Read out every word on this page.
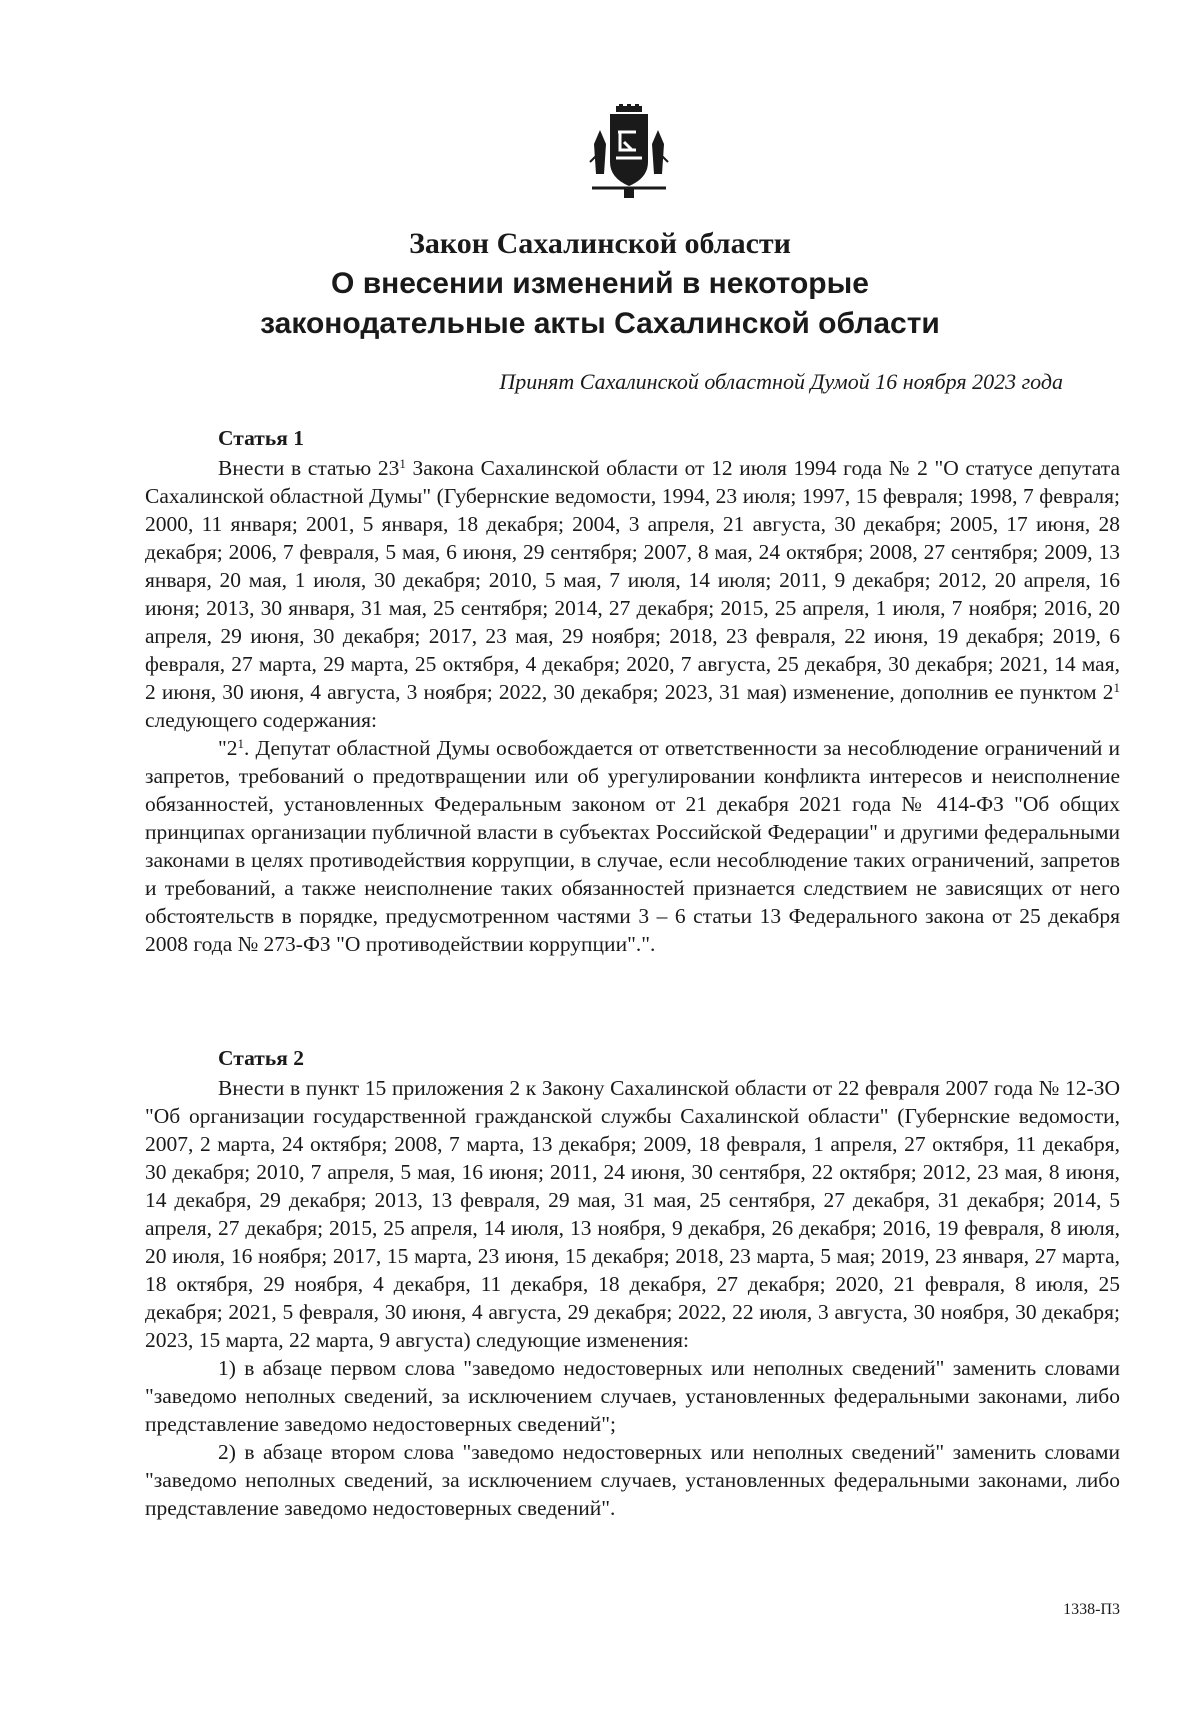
Закон Сахалинской области
О внесении изменений в некоторые
законодательные акты Сахалинской области
Принят Сахалинской областной Думой 16 ноября 2023 года
Статья 1

Внести в статью $23^1$ Закона Сахалинской области от 12 июля 1994 года № 2 "О статусе депутата Сахалинской областной Думы" (Губернские ведомости, 1994, 23 июля; 1997, 15 февраля; 1998, 7 февраля; 2000, 11 января; 2001, 5 января, 18 декабря; 2004, 3 апреля, 21 августа, 30 декабря; 2005, 17 июня, 28 декабря; 2006, 7 февраля, 5 мая, 6 июня, 29 сентября; 2007, 8 мая, 24 октября; 2008, 27 сентября; 2009, 13 января, 20 мая, 1 июля, 30 декабря; 2010, 5 мая, 7 июля, 14 июля; 2011, 9 декабря; 2012, 20 апреля, 16 июня; 2013, 30 января, 31 мая, 25 сентября; 2014, 27 декабря; 2015, 25 апреля, 1 июля, 7 ноября; 2016, 20 апреля, 29 июня, 30 декабря; 2017, 23 мая, 29 ноября; 2018, 23 февраля, 22 июня, 19 декабря; 2019, 6 февраля, 27 марта, 29 марта, 25 октября, 4 декабря; 2020, 7 августа, 25 декабря, 30 декабря; 2021, 14 мая, 2 июня, 30 июня, 4 августа, 3 ноября; 2022, 30 декабря; 2023, 31 мая) изменение, дополнив ее пунктом $2^1$ следующего содержания:

"$2^1$. Депутат областной Думы освобождается от ответственности за несоблюдение ограничений и запретов, требований о предотвращении или об урегулировании конфликта интересов и неисполнение обязанностей, установленных Федеральным законом от 21 декабря 2021 года № 414-ФЗ "Об общих принципах организации публичной власти в субъектах Российской Федерации" и другими федеральными законами в целях противодействия коррупции, в случае, если несоблюдение таких ограничений, запретов и требований, а также неисполнение таких обязанностей признается следствием не зависящих от него обстоятельств в порядке, предусмотренном частями 3 – 6 статьи 13 Федерального закона от 25 декабря 2008 года № 273-ФЗ "О противодействии коррупции".".

Статья 2

Внести в пункт 15 приложения 2 к Закону Сахалинской области от 22 февраля 2007 года № 12-ЗО "Об организации государственной гражданской службы Сахалинской области" (Губернские ведомости, 2007, 2 марта, 24 октября; 2008, 7 марта, 13 декабря; 2009, 18 февраля, 1 апреля, 27 октября, 11 декабря, 30 декабря; 2010, 7 апреля, 5 мая, 16 июня; 2011, 24 июня, 30 сентября, 22 октября; 2012, 23 мая, 8 июня, 14 декабря, 29 декабря; 2013, 13 февраля, 29 мая, 31 мая, 25 сентября, 27 декабря, 31 декабря; 2014, 5 апреля, 27 декабря; 2015, 25 апреля, 14 июля, 13 ноября, 9 декабря, 26 декабря; 2016, 19 февраля, 8 июля, 20 июля, 16 ноября; 2017, 15 марта, 23 июня, 15 декабря; 2018, 23 марта, 5 мая; 2019, 23 января, 27 марта, 18 октября, 29 ноября, 4 декабря, 11 декабря, 18 декабря, 27 декабря; 2020, 21 февраля, 8 июля, 25 декабря; 2021, 5 февраля, 30 июня, 4 августа, 29 декабря; 2022, 22 июля, 3 августа, 30 ноября, 30 декабря; 2023, 15 марта, 22 марта, 9 августа) следующие изменения:

1) в абзаце первом слова "заведомо недостоверных или неполных сведений" заменить словами "заведомо неполных сведений, за исключением случаев, установленных федеральными законами, либо представление заведомо недостоверных сведений";

2) в абзаце втором слова "заведомо недостоверных или неполных сведений" заменить словами "заведомо неполных сведений, за исключением случаев, установленных федеральными законами, либо представление заведомо недостоверных сведений".

1338-П3
